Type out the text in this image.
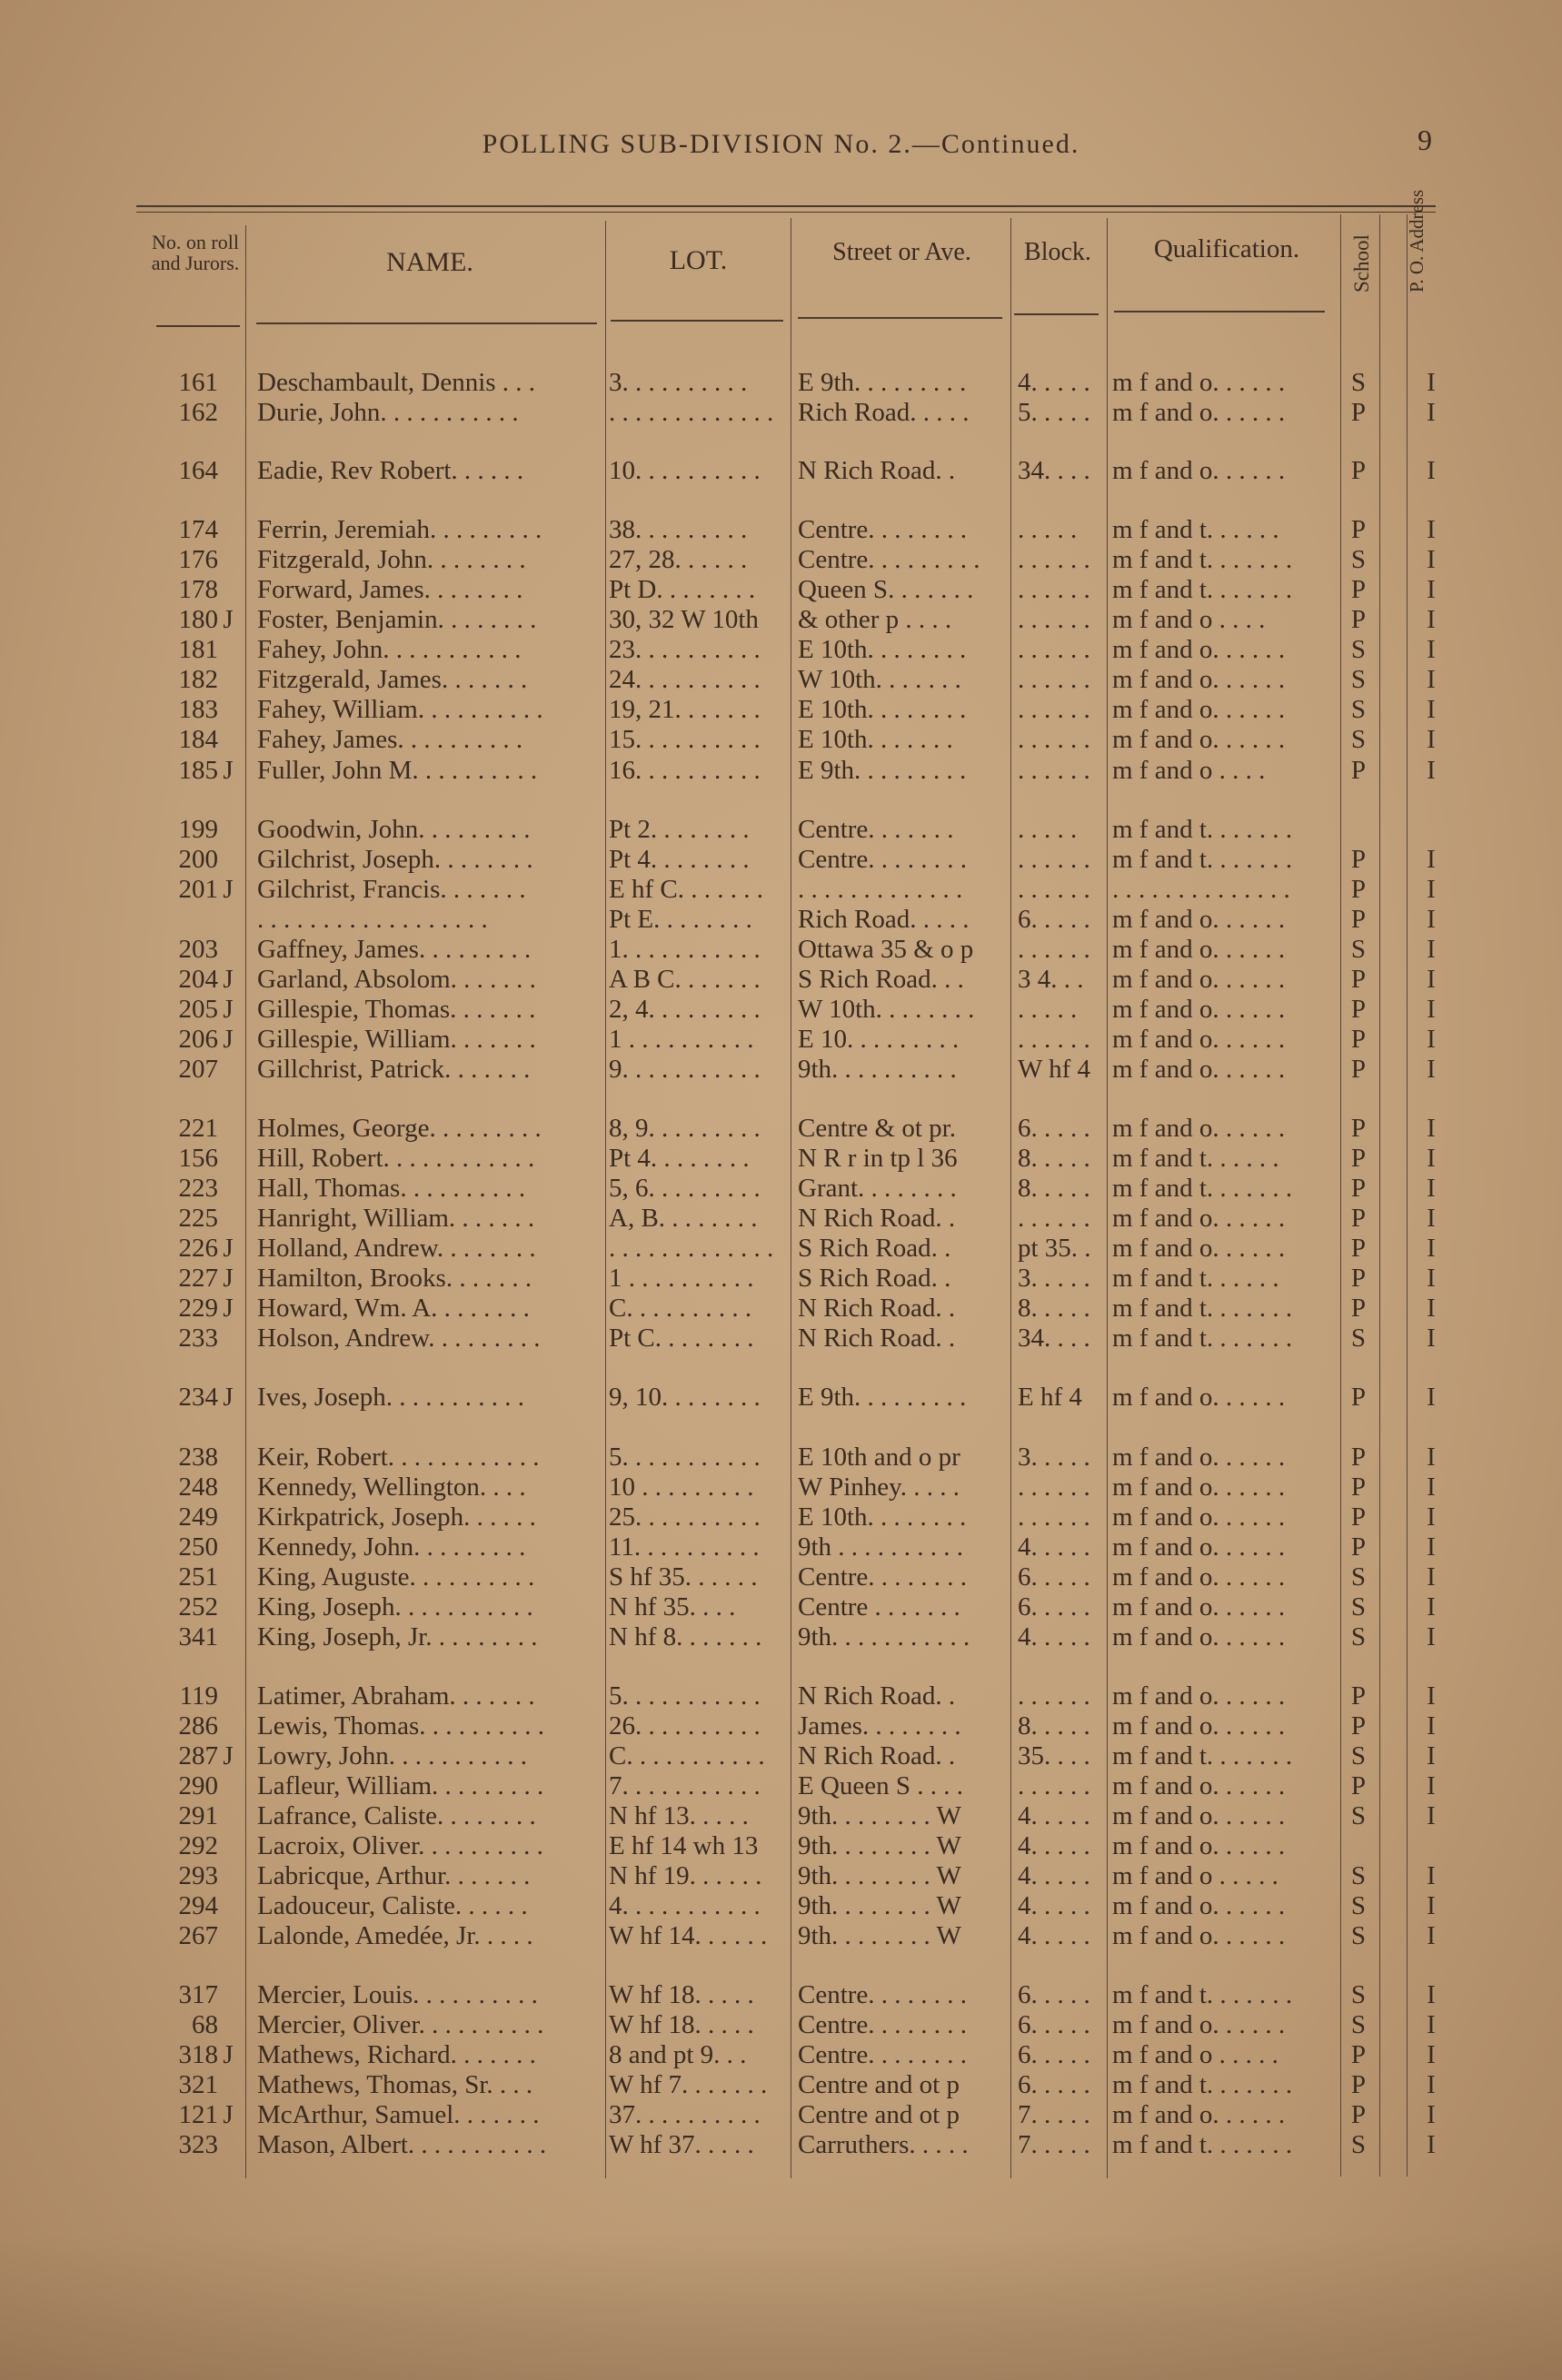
POLLING SUB-DIVISION No. 2.—Continued.	9
No. on roll and Jurors.	NAME.	LOT.	Street or Ave.	Block.	Qualification.	School P. O. Address
161 Deschambault, Dennis . . .	3. . . . . . . . . .	E 9th. . . . . . . . .	4. . . . . m f and o. . . . . .	S	I
162 Durie, John. . . . . . . . . . .	. . . . . . . . . . . . . Rich Road. . . . .	5. . . . . m f and o. . . . . .	P	I
164 Eadie, Rev Robert. . . . . .	10. . . . . . . . . .	N Rich Road. .	34. . . . m f and o. . . . . .	P	I
174 Ferrin, Jeremiah. . . . . . . . .	38. . . . . . . . .	Centre. . . . . . . .	. . . . .	m f and t. . . . . .	P	I
176 Fitzgerald, John. . . . . . . .	27, 28. . . . . .	Centre. . . . . . . . .	. . . . . . m f and t. . . . . . .	S	I
178 Forward, James. . . . . . . .	Pt D. . . . . . . .	Queen S. . . . . . .	. . . . . . m f and t. . . . . . .	P	I
180 J Foster, Benjamin. . . . . . . .	30, 32 W 10th	& other p . . . .	. . . . . . m f and o . . . .	P	I
181 Fahey, John. . . . . . . . . . .	23. . . . . . . . . .	E 10th. . . . . . . .	. . . . . . m f and o. . . . . .	S	I
182 Fitzgerald, James. . . . . . .	24. . . . . . . . . .	W 10th. . . . . . .	. . . . . . m f and o. . . . . .	S	I
183 Fahey, William. . . . . . . . . .	19, 21. . . . . . .	E 10th. . . . . . . .	. . . . . . m f and o. . . . . .	S	I
184 Fahey, James. . . . . . . . . .	15. . . . . . . . . .	E 10th. . . . . . .	. . . . . . m f and o. . . . . .	S	I
185 J Fuller, John M. . . . . . . . . .	16. . . . . . . . . .	E 9th. . . . . . . . .	. . . . . . m f and o . . . .	P	I
199 Goodwin, John. . . . . . . . .	Pt 2. . . . . . . .	Centre. . . . . . .	. . . . .	m f and t. . . . . . .
200 Gilchrist, Joseph. . . . . . . .	Pt 4. . . . . . . .	Centre. . . . . . . .	. . . . . . m f and t. . . . . . .	P	I
201 J Gilchrist, Francis. . . . . . .	E hf C. . . . . . .	. . . . . . . . . . . . .	. . . . . . . . . . . . . . . . . . . .	P	I
. . . . . . . . . . . . . . . . . .	Pt E. . . . . . . .	Rich Road. . . . .	6. . . . . m f and o. . . . . .	P	I
203 Gaffney, James. . . . . . . . .	1. . . . . . . . . . .	Ottawa 35 & o p	. . . . . . m f and o. . . . . .	S	I
204 J Garland, Absolom. . . . . . .	A B C. . . . . . .	S Rich Road. . .	3 4. . .	m f and o. . . . . .	P	I
205 J Gillespie, Thomas. . . . . . .	2, 4. . . . . . . . .	W 10th. . . . . . . .	. . . . .	m f and o. . . . . .	P	I
206 J Gillespie, William. . . . . . .	1 . . . . . . . . . .	E 10. . . . . . . . .	. . . . . . m f and o. . . . . .	P	I
207 Gillchrist, Patrick. . . . . . .	9. . . . . . . . . . .	9th. . . . . . . . . .	W hf 4 m f and o. . . . . .	P	I
221 Holmes, George. . . . . . . . .	8, 9. . . . . . . . .	Centre & ot pr.	6. . . . . m f and o. . . . . .	P	I
156 Hill, Robert. . . . . . . . . . . .	Pt 4. . . . . . . .	N R r in tp l 36	8. . . . . m f and t. . . . . .	P	I
223 Hall, Thomas. . . . . . . . . .	5, 6. . . . . . . . .	Grant. . . . . . . .	8. . . . . m f and t. . . . . . .	P	I
225 Hanright, William. . . . . . .	A, B. . . . . . . .	N Rich Road. .	. . . . . . m f and o. . . . . .	P	I
226 J Holland, Andrew. . . . . . . .	. . . . . . . . . . . . . S Rich Road. .	pt 35. . m f and o. . . . . .	P	I
227 J Hamilton, Brooks. . . . . . .	1 . . . . . . . . . .	S Rich Road. .	3. . . . . m f and t. . . . . .	P	I
229 J Howard, Wm. A. . . . . . . .	C. . . . . . . . . .	N Rich Road. .	8. . . . . m f and t. . . . . . .	P	I
233 Holson, Andrew. . . . . . . . .	Pt C. . . . . . . .	N Rich Road. .	34. . . . m f and t. . . . . . .	S	I
234 J Ives, Joseph. . . . . . . . . . .	9, 10. . . . . . . .	E 9th. . . . . . . . .	E hf 4	m f and o. . . . . .	P	I
238 Keir, Robert. . . . . . . . . . . .	5. . . . . . . . . . .	E 10th and o pr	3. . . . . m f and o. . . . . .	P	I
248 Kennedy, Wellington. . . .	10 . . . . . . . . .	W Pinhey. . . . .	. . . . . . m f and o. . . . . .	P	I
249 Kirkpatrick, Joseph. . . . . .	25. . . . . . . . . .	E 10th. . . . . . . .	. . . . . . m f and o. . . . . .	P	I
250 Kennedy, John. . . . . . . . .	11. . . . . . . . . .	9th . . . . . . . . . .	4. . . . . m f and o. . . . . .	P	I
251 King, Auguste. . . . . . . . . .	S hf 35. . . . . .	Centre. . . . . . . .	6. . . . . m f and o. . . . . .	S	I
252 King, Joseph. . . . . . . . . . .	N hf 35. . . .	Centre . . . . . . .	6. . . . . m f and o. . . . . .	S	I
341 King, Joseph, Jr. . . . . . . . .	N hf 8. . . . . . .	9th. . . . . . . . . . .	4. . . . . m f and o. . . . . .	S	I
119 Latimer, Abraham. . . . . . .	5. . . . . . . . . . .	N Rich Road. .	. . . . . . m f and o. . . . . .	P	I
286 Lewis, Thomas. . . . . . . . . .	26. . . . . . . . . .	James. . . . . . . .	8. . . . . m f and o. . . . . .	P	I
287 J Lowry, John. . . . . . . . . . .	C. . . . . . . . . . .	N Rich Road. .	35. . . . m f and t. . . . . . .	S	I
290 Lafleur, William. . . . . . . . .	7. . . . . . . . . . .	E Queen S . . . .	. . . . . . m f and o. . . . . .	P	I
291 Lafrance, Caliste. . . . . . . .	N hf 13. . . . .	9th. . . . . . . . W	4. . . . . m f and o. . . . . .	S	I
292 Lacroix, Oliver. . . . . . . . . .	E hf 14 wh 13	9th. . . . . . . . W	4. . . . . m f and o. . . . . .
293 Labricque, Arthur. . . . . . .	N hf 19. . . . . .	9th. . . . . . . . W	4. . . . . m f and o . . . . .	S	I
294 Ladouceur, Caliste. . . . . .	4. . . . . . . . . . .	9th. . . . . . . . W	4. . . . . m f and o. . . . . .	S	I
267 Lalonde, Amedée, Jr. . . . .	W hf 14. . . . . .	9th. . . . . . . . W	4. . . . . m f and o. . . . . .	S	I
317 Mercier, Louis. . . . . . . . . .	W hf 18. . . . .	Centre. . . . . . . .	6. . . . . m f and t. . . . . . .	S	I
68 Mercier, Oliver. . . . . . . . . .	W hf 18. . . . .	Centre. . . . . . . .	6. . . . . m f and o. . . . . .	S	I
318 J Mathews, Richard. . . . . . .	8 and pt 9. . .	Centre. . . . . . . .	6. . . . . m f and o . . . . .	P	I
321 Mathews, Thomas, Sr. . . .	W hf 7. . . . . . .	Centre and ot p	6. . . . . m f and t. . . . . . .	P	I
121 J McArthur, Samuel. . . . . . .	37. . . . . . . . . .	Centre and ot p	7. . . . . m f and o. . . . . .	P	I
323 Mason, Albert. . . . . . . . . . .	W hf 37. . . . .	Carruthers. . . . .	7. . . . . m f and t. . . . . . .	S	I
